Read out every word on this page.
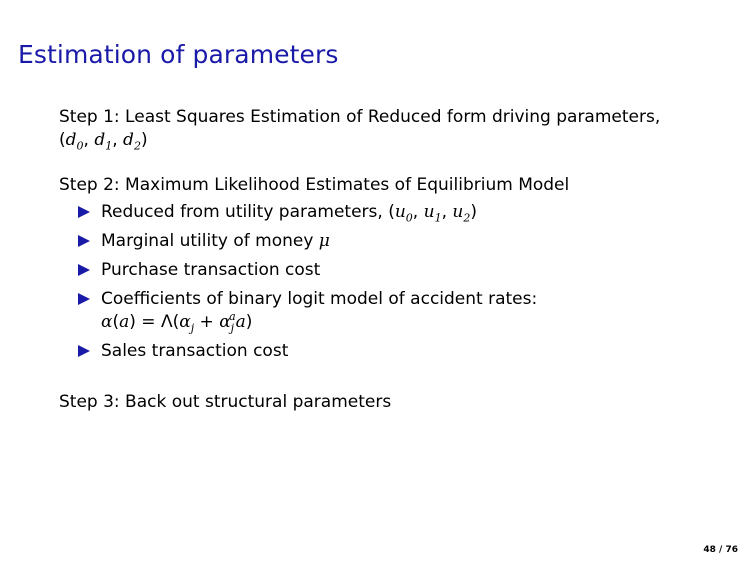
Estimation of parameters

Step 1: Least Squares Estimation of Reduced form driving parameters,
($d_0$, $d_1$, $d_2$)

Step 2: Maximum Likelihood Estimates of Equilibrium Model

Reduced from utility parameters, ($u_0$, $u_1$, $u_2$)
Marginal utility of money μ
Purchase transaction cost
Coefficients of binary logit model of accident rates:
$\alpha(a) = \Lambda(\alpha_j + \alpha_j^aa)$
Sales transaction cost

Step 3: Back out structural parameters

48 / 76
